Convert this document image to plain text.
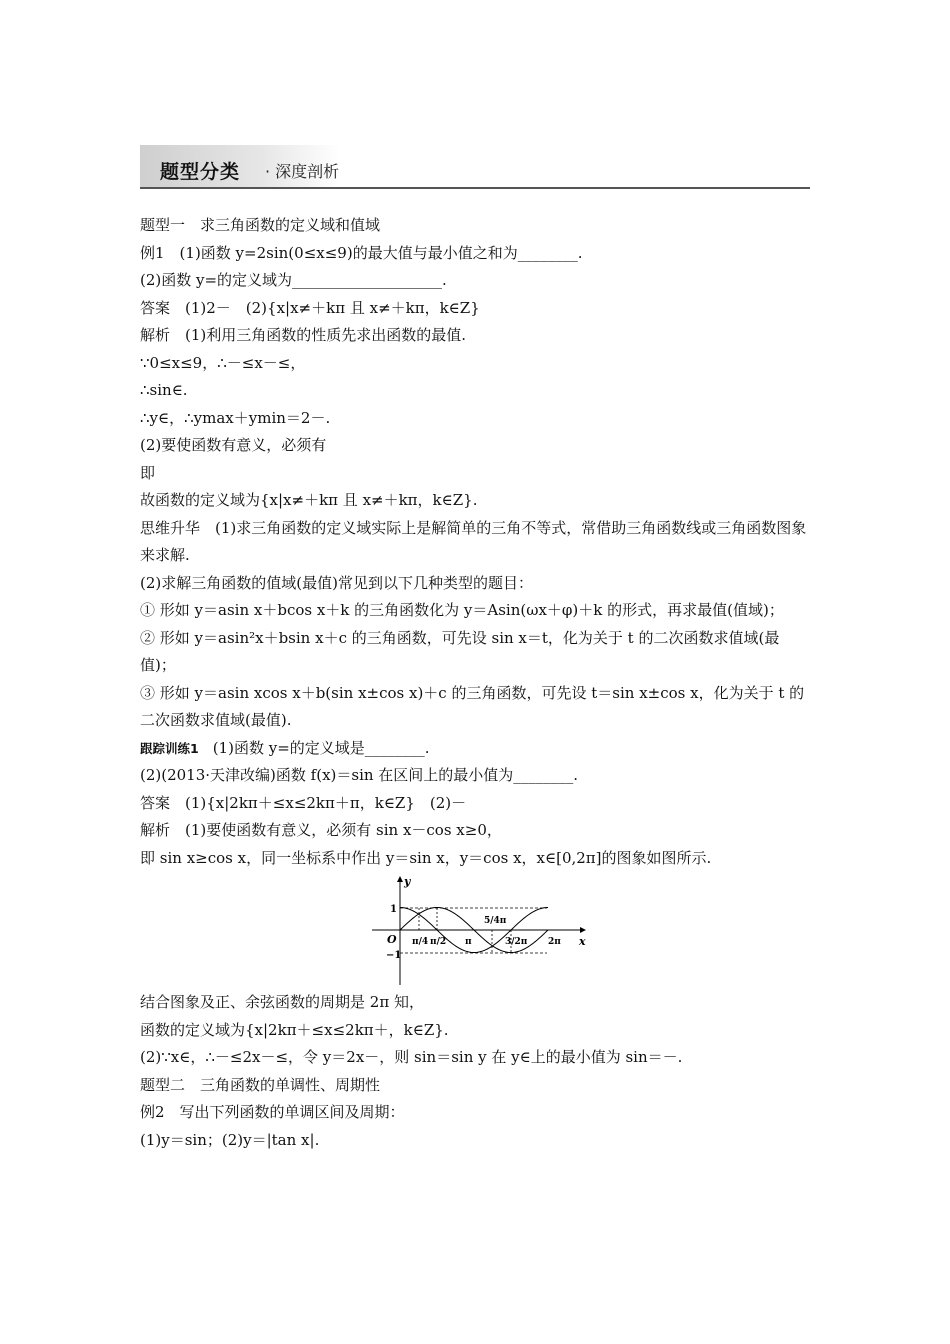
题型分类 · 深度剖析
题型一　求三角函数的定义域和值域
例1　(1)函数 y=2sin(0≤x≤9)的最大值与最小值之和为________.
(2)函数 y=的定义域为____________________.
答案　(1)2－　(2){x|x≠＋kπ 且 x≠＋kπ，k∈Z}
解析　(1)利用三角函数的性质先求出函数的最值.
∵0≤x≤9，∴－≤x－≤，
∴sin∈.
∴y∈，∴ymax＋ymin＝2－.
(2)要使函数有意义，必须有
即
故函数的定义域为{x|x≠＋kπ 且 x≠＋kπ，k∈Z}.
思维升华　(1)求三角函数的定义域实际上是解简单的三角不等式，常借助三角函数线或三角函数图象来求解.
(2)求解三角函数的值域(最值)常见到以下几种类型的题目：
① 形如 y＝asin x＋bcos x＋k 的三角函数化为 y＝Asin(ωx＋φ)＋k 的形式，再求最值(值域)；
② 形如 y＝asin²x＋bsin x＋c 的三角函数，可先设 sin x＝t，化为关于 t 的二次函数求值域(最值)；
③ 形如 y＝asin xcos x＋b(sin x±cos x)＋c 的三角函数，可先设 t＝sin x±cos x，化为关于 t 的二次函数求值域(最值).
跟踪训练1 (1)函数 y=的定义域是________.
(2)(2013·天津改编)函数 f(x)＝sin 在区间上的最小值为________.
答案　(1){x|2kπ＋≤x≤2kπ＋π，k∈Z}　(2)－
解析　(1)要使函数有意义，必须有 sin x－cos x≥0，
即 sin x≥cos x，同一坐标系中作出 y＝sin x，y＝cos x，x∈[0,2π]的图象如图所示.
y
x
O
1
−1
π/4 π/2 π
5/4π
3/2π 2π
结合图象及正、余弦函数的周期是 2π 知，
函数的定义域为{x|2kπ＋≤x≤2kπ＋，k∈Z}.
(2)∵x∈，∴－≤2x－≤，令 y＝2x－，则 sin＝sin y 在 y∈上的最小值为 sin＝－.
题型二　三角函数的单调性、周期性
例2　写出下列函数的单调区间及周期：
(1)y＝sin；(2)y＝|tan x|.
